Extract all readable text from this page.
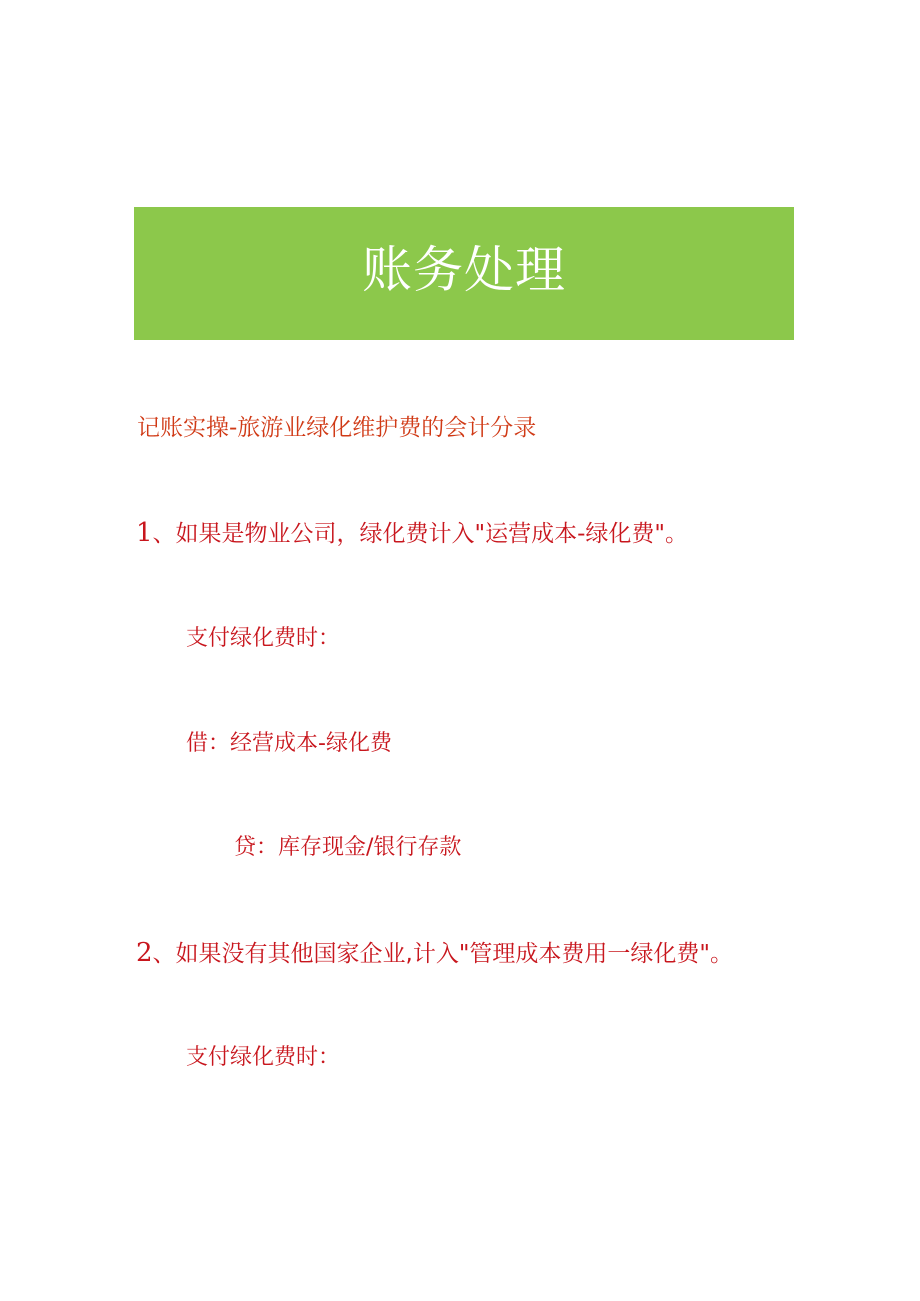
账务处理
记账实操-旅游业绿化维护费的会计分录
1、如果是物业公司，绿化费计入"运营成本-绿化费"。
支付绿化费时：
借：经营成本-绿化费
贷：库存现金/银行存款
2、如果没有其他国家企业,计入"管理成本费用一绿化费"。
支付绿化费时：
